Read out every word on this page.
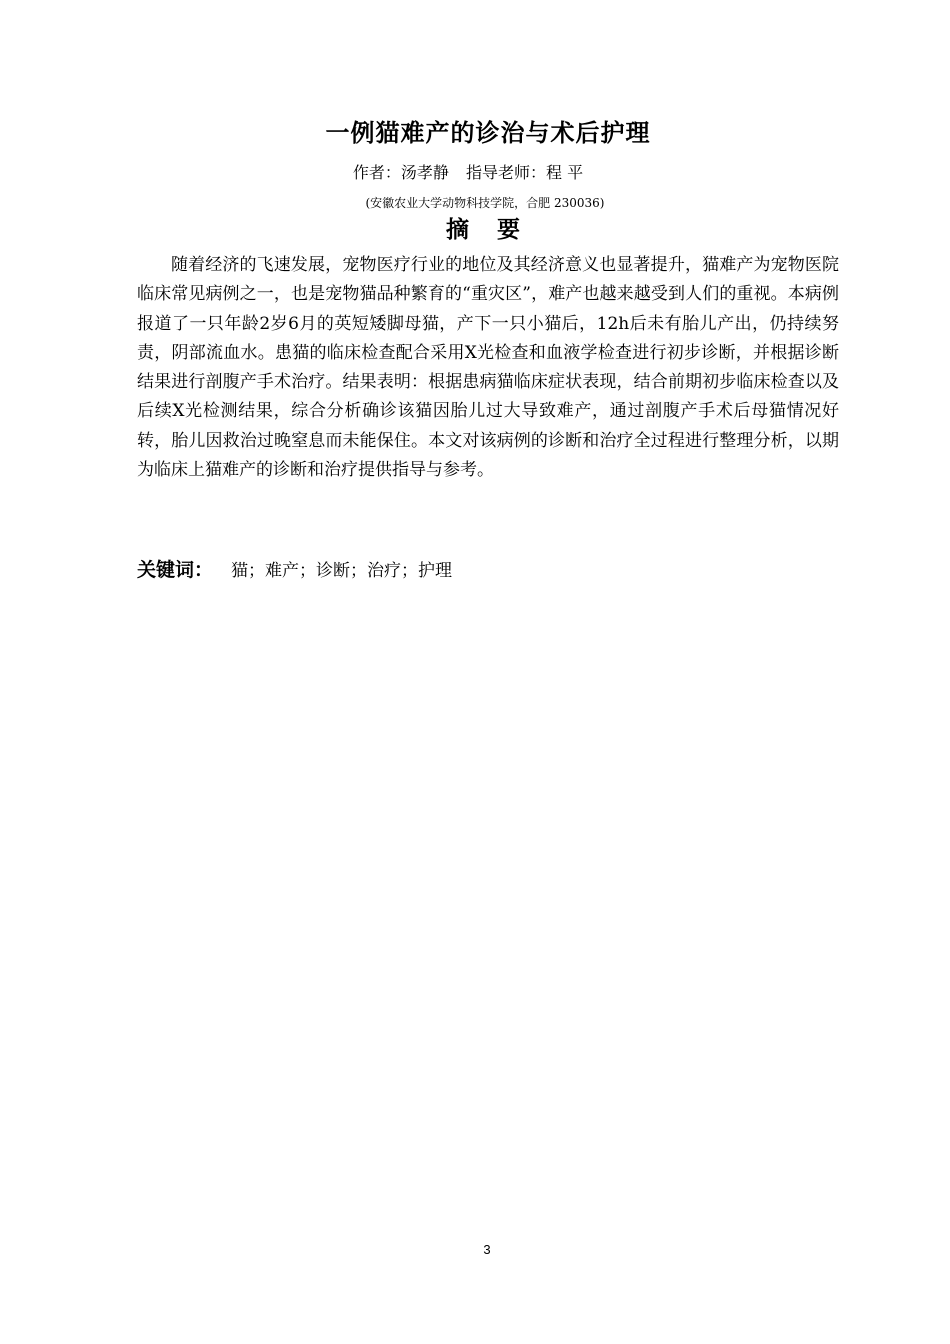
一例猫难产的诊治与术后护理
作者：汤孝静 指导老师：程 平
(安徽农业大学动物科技学院，合肥 230036)
摘 要

随着经济的飞速发展，宠物医疗行业的地位及其经济意义也显著提升，猫难产为宠物医院临床常见病例之一，也是宠物猫品种繁育的“重灾区”，难产也越来越受到人们的重视。本病例报道了一只年龄2岁6月的英短矮脚母猫，产下一只小猫后，12h后未有胎儿产出，仍持续努责，阴部流血水。患猫的临床检查配合采用X光检查和血液学检查进行初步诊断，并根据诊断结果进行剖腹产手术治疗。结果表明：根据患病猫临床症状表现，结合前期初步临床检查以及后续X光检测结果，综合分析确诊该猫因胎儿过大导致难产，通过剖腹产手术后母猫情况好转，胎儿因救治过晚窒息而未能保住。本文对该病例的诊断和治疗全过程进行整理分析，以期为临床上猫难产的诊断和治疗提供指导与参考。

关键词： 猫；难产；诊断；治疗；护理
3
